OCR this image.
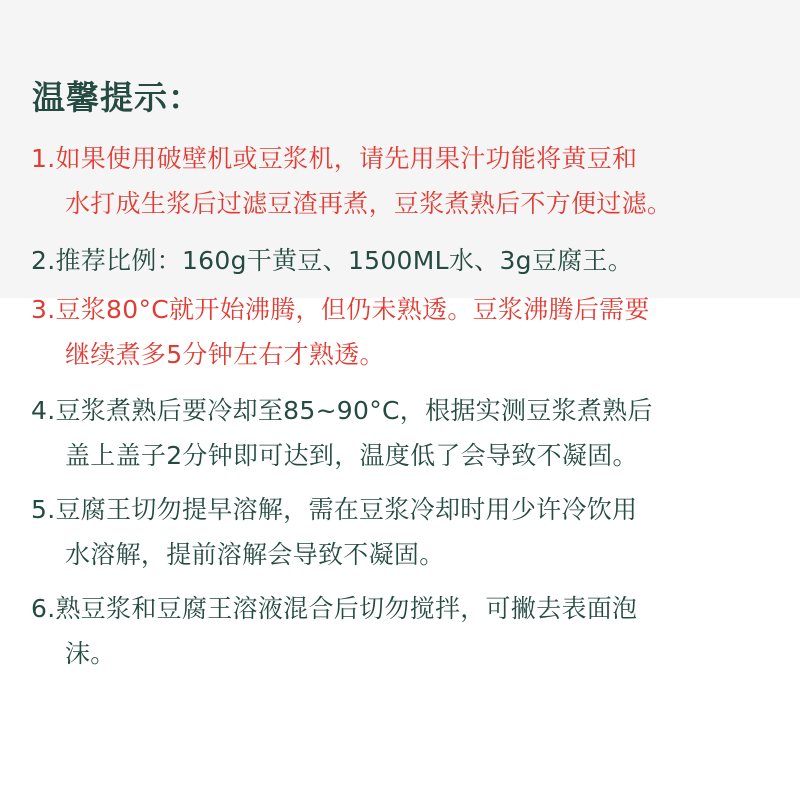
温馨提示：

1.如果使用破壁机或豆浆机，请先用果汁功能将黄豆和
水打成生浆后过滤豆渣再煮，豆浆煮熟后不方便过滤。

2.推荐比例：160g干黄豆、1500ML水、3g豆腐王。

3.豆浆80°C就开始沸腾，但仍未熟透。豆浆沸腾后需要
继续煮多5分钟左右才熟透。

4.豆浆煮熟后要冷却至85~90°C，根据实测豆浆煮熟后
盖上盖子2分钟即可达到，温度低了会导致不凝固。

5.豆腐王切勿提早溶解，需在豆浆冷却时用少许冷饮用
水溶解，提前溶解会导致不凝固。

6.熟豆浆和豆腐王溶液混合后切勿搅拌，可撇去表面泡
沫。
